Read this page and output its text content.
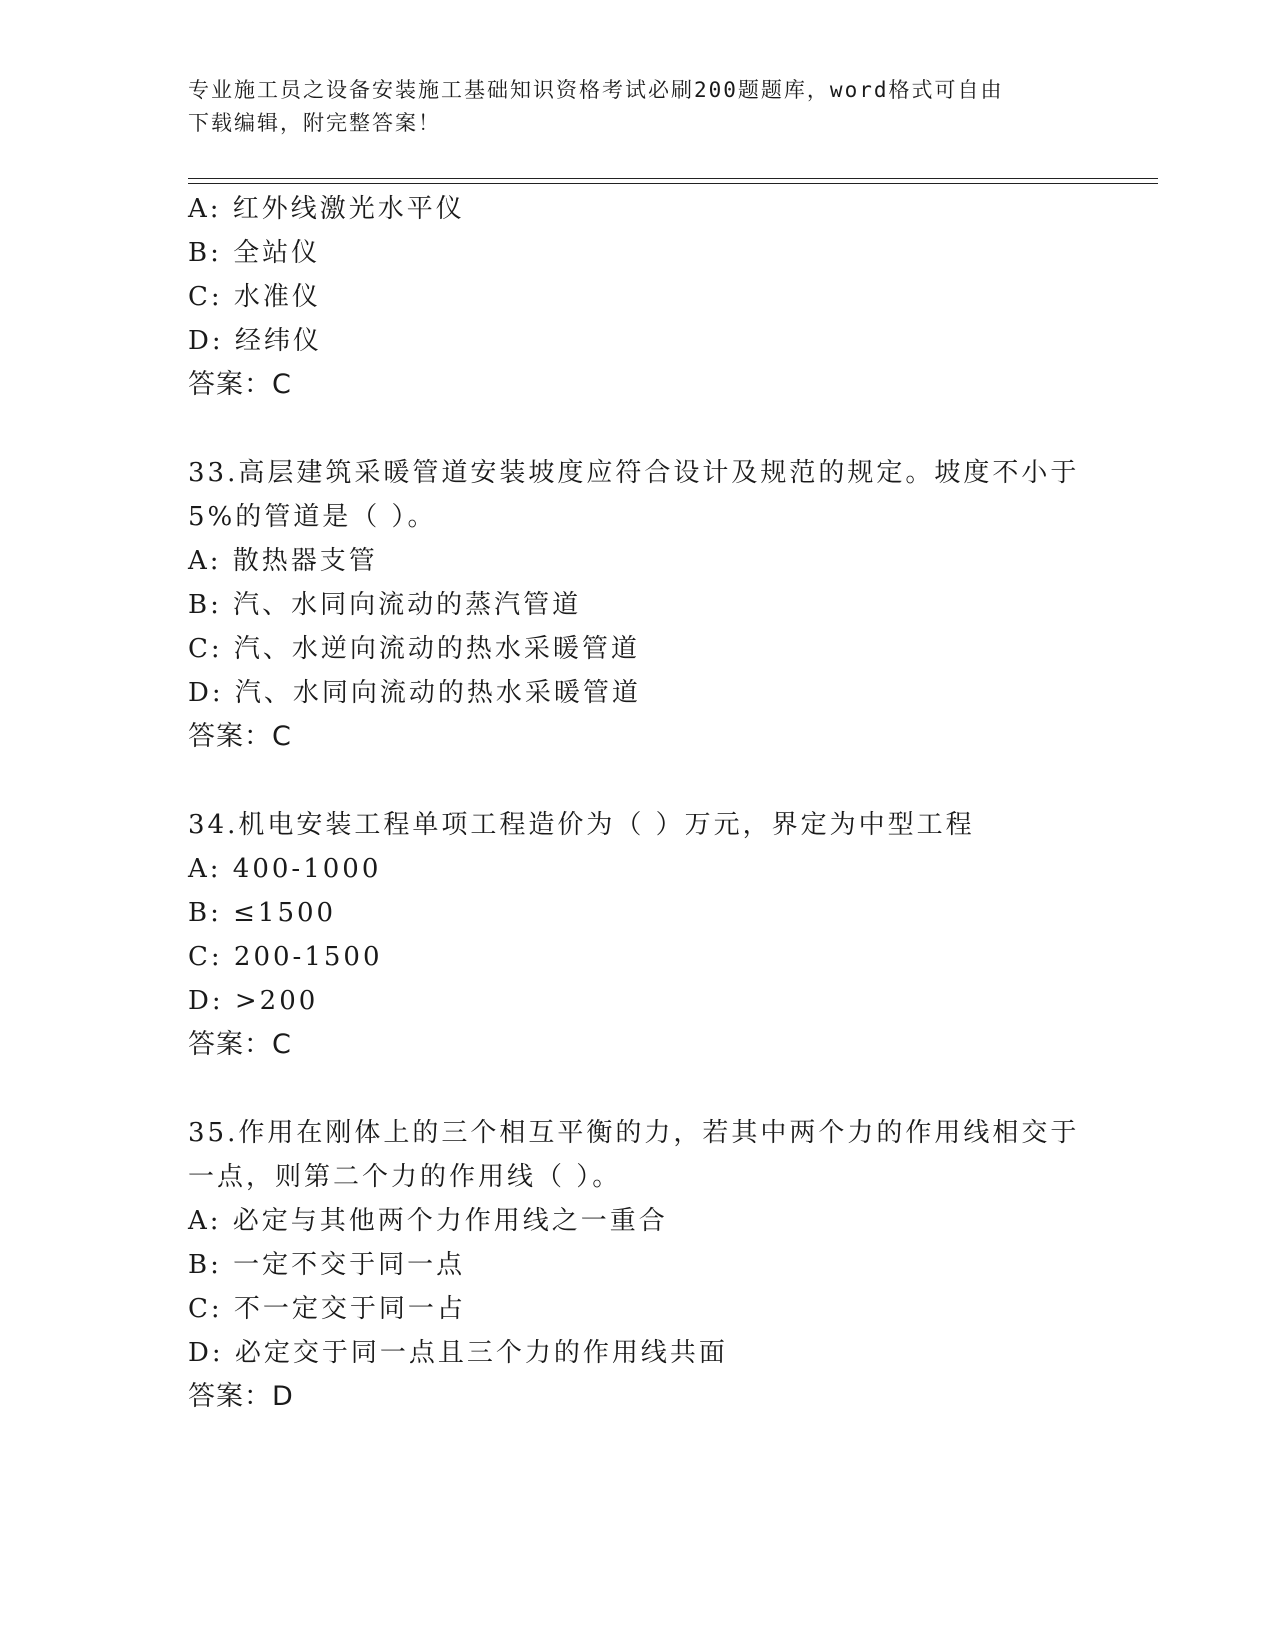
专业施工员之设备安装施工基础知识资格考试必刷200题题库，word格式可自由
下载编辑，附完整答案！
A: 红外线激光水平仪
B: 全站仪
C: 水准仪
D: 经纬仪
答案：C
33.高层建筑采暖管道安装坡度应符合设计及规范的规定。坡度不小于
5%的管道是（ ）。
A: 散热器支管
B: 汽、水同向流动的蒸汽管道
C: 汽、水逆向流动的热水采暖管道
D: 汽、水同向流动的热水采暖管道
答案：C
34.机电安装工程单项工程造价为（ ）万元，界定为中型工程
A: 400-1000
B: ≤1500
C: 200-1500
D: >200
答案：C
35.作用在刚体上的三个相互平衡的力，若其中两个力的作用线相交于
一点，则第二个力的作用线（ ）。
A: 必定与其他两个力作用线之一重合
B: 一定不交于同一点
C: 不一定交于同一占
D: 必定交于同一点且三个力的作用线共面
答案：D
